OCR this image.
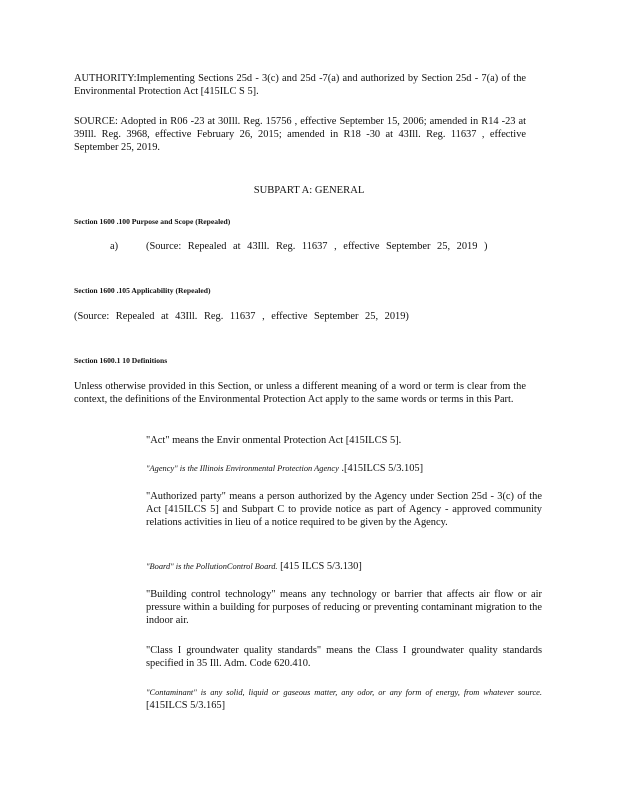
AUTHORITY:Implementing Sections 25d - 3(c) and 25d -7(a) and authorized by Section 25d - 7(a) of the Environmental Protection Act [415ILC S 5].

SOURCE: Adopted in R06 -23 at 30Ill. Reg. 15756 , effective September 15, 2006; amended in R14 -23 at 39Ill. Reg. 3968, effective February 26, 2015; amended in R18 -30 at 43Ill. Reg. 11637 , effective September 25, 2019.

SUBPART A: GENERAL

Section 1600 .100 Purpose and Scope (Repealed)

a)	(Source: Repealed at 43Ill. Reg. 11637 , effective September 25, 2019 )

Section 1600 .105 Applicability (Repealed)

(Source: Repealed at 43Ill. Reg. 11637 , effective September 25, 2019)

Section 1600.1 10 Definitions

Unless otherwise provided in this Section, or unless a different meaning of a word or term is clear from the context, the definitions of the Environmental Protection Act apply to the same words or terms in this Part.

"Act" means the Envir onmental Protection Act [415ILCS 5].

"Agency" is the Illinois Environmental Protection Agency .[415ILCS 5/3.105]

"Authorized party" means a person authorized by the Agency under Section 25d - 3(c) of the Act [415ILCS 5] and Subpart C to provide notice as part of Agency - approved community relations activities in lieu of a notice required to be given by the Agency.

"Board" is the PollutionControl Board. [415 ILCS 5/3.130]

"Building control technology" means any technology or barrier that affects air flow or air pressure within a building for purposes of reducing or preventing contaminant migration to the indoor air.

"Class I groundwater quality standards" means the Class I groundwater quality standards specified in 35 Ill. Adm. Code 620.410.

"Contaminant" is any solid, liquid or gaseous matter, any odor, or any form of energy, from whatever source. [415ILCS 5/3.165]
